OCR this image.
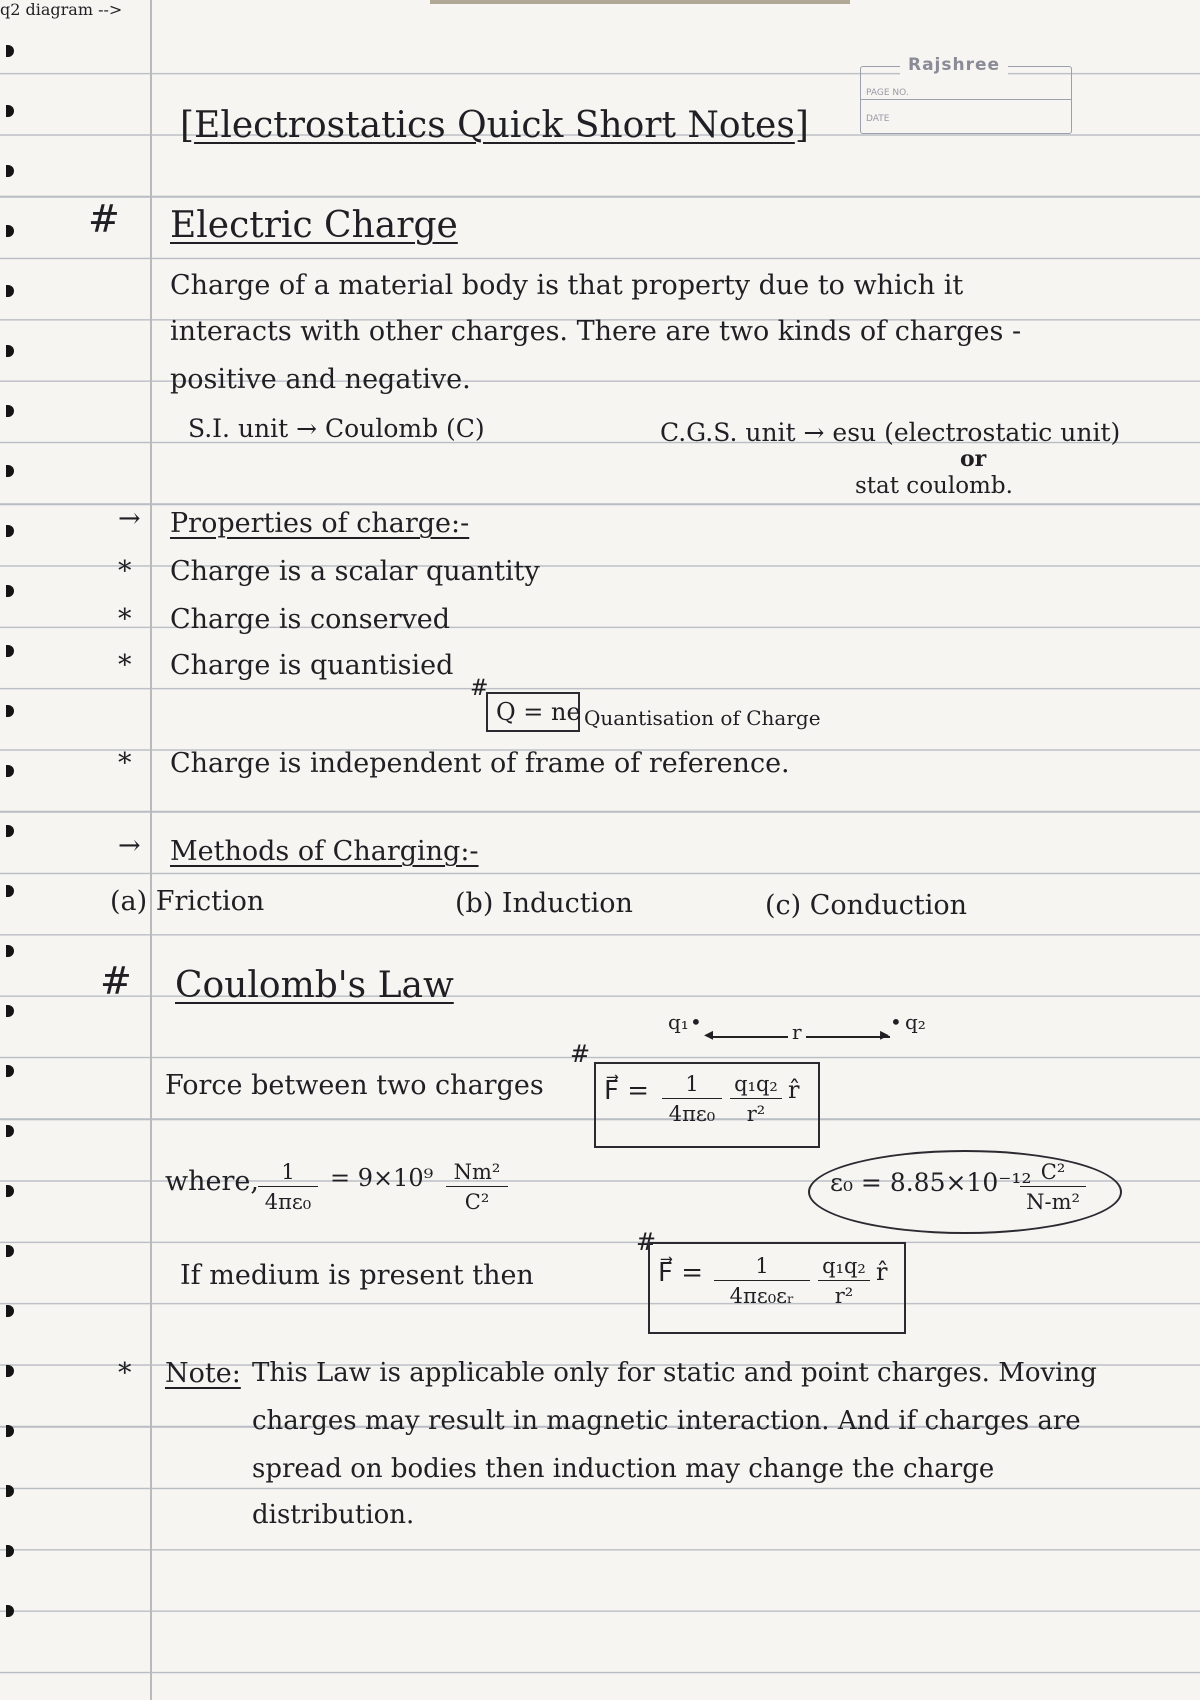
Rajshree
PAGE NO.
DATE
[Electrostatics Quick Short Notes]
# Electric Charge
Charge of a material body is that property due to which it
interacts with other charges. There are two kinds of charges -
positive and negative.
S.I. unit → Coulomb (C)	C.G.S. unit → esu (electrostatic unit)
or
stat coulomb.
→ Properties of charge:-
* Charge is a scalar quantity
* Charge is conserved
* Charge is quantisied
#
Q = ne Quantisation of Charge
* Charge is independent of frame of reference.
→ Methods of Charging:-
(a) Friction	(b) Induction	(c) Conduction
# Coulomb's Law
q2 diagram -->
q₁ •
◂	▸
r	• q₂
Force between two charges
#
F⃗ = $\frac{1}{\text{4πε₀}} \frac{\text{q₁q₂}}{\text{r²}}$ r̂
where, $\frac{1}{\text{4πε₀}} = 9\times 10^9 \frac{\text{Nm²}}{\text{C²}}$	ε₀ = 8.85×10⁻¹²
$\frac{\text{C²}}{\text{N-m²}}$
If medium is present then
#
F⃗ = $\frac{1}{\text{4πε₀εᵣ}} \frac{\text{q₁q₂}}{\text{r²}}$ r̂
* Note: This Law is applicable only for static and point charges. Moving
charges may result in magnetic interaction. And if charges are
spread on bodies then induction may change the charge
distribution.
